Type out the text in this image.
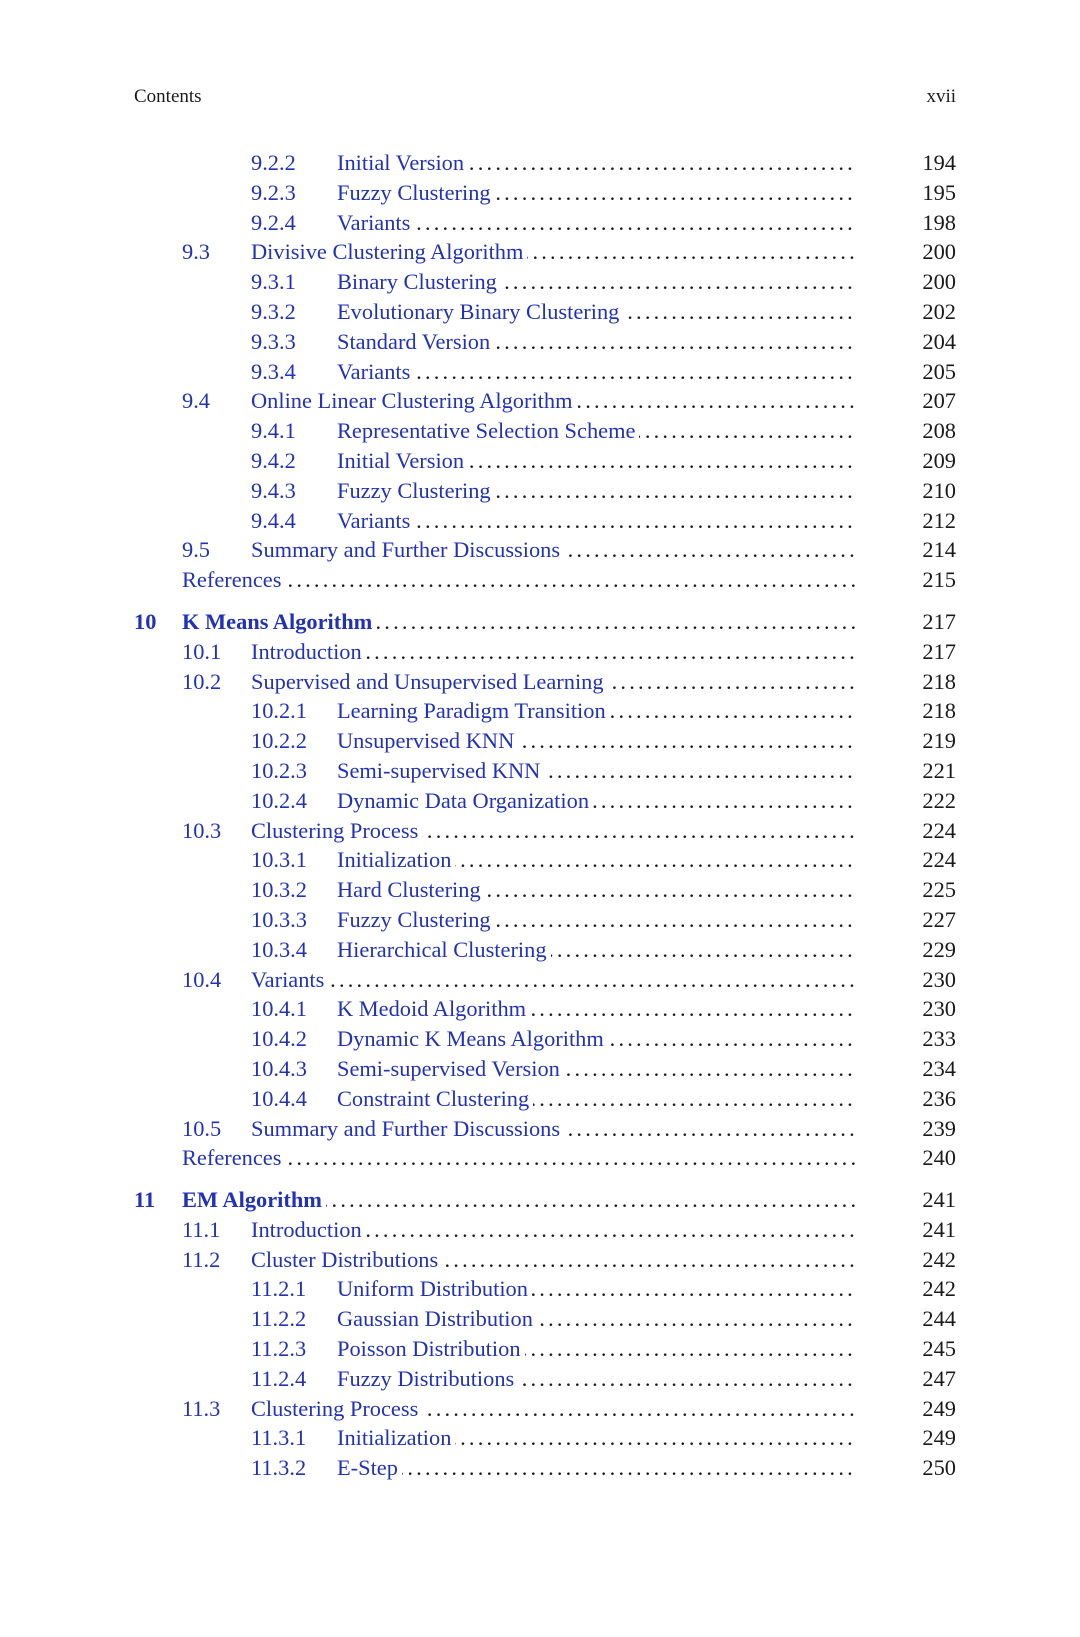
Contents	xvii
9.2.2 Initial Version . . .	194
9.2.3 Fuzzy Clustering . . .	195
9.2.4 Variants . . .	198
9.3 Divisive Clustering Algorithm . . .	200
9.3.1 Binary Clustering . . .	200
9.3.2 Evolutionary Binary Clustering . . .	202
9.3.3 Standard Version . . .	204
9.3.4 Variants . . .	205
9.4 Online Linear Clustering Algorithm . . .	207
9.4.1 Representative Selection Scheme . . .	208
9.4.2 Initial Version . . .	209
9.4.3 Fuzzy Clustering . . .	210
9.4.4 Variants . . .	212
9.5 Summary and Further Discussions . . .	214
References . . .	215
10 K Means Algorithm . . .	217
10.1 Introduction . . .	217
10.2 Supervised and Unsupervised Learning . . .	218
10.2.1 Learning Paradigm Transition . . .	218
10.2.2 Unsupervised KNN . . .	219
10.2.3 Semi-supervised KNN . . .	221
10.2.4 Dynamic Data Organization . . .	222
10.3 Clustering Process . . .	224
10.3.1 Initialization . . .	224
10.3.2 Hard Clustering . . .	225
10.3.3 Fuzzy Clustering . . .	227
10.3.4 Hierarchical Clustering . . .	229
10.4 Variants . . .	230
10.4.1 K Medoid Algorithm . . .	230
10.4.2 Dynamic K Means Algorithm . . .	233
10.4.3 Semi-supervised Version . . .	234
10.4.4 Constraint Clustering . . .	236
10.5 Summary and Further Discussions . . .	239
References . . .	240
11 EM Algorithm . . .	241
11.1 Introduction . . .	241
11.2 Cluster Distributions . . .	242
11.2.1 Uniform Distribution . . .	242
11.2.2 Gaussian Distribution . . .	244
11.2.3 Poisson Distribution . . .	245
11.2.4 Fuzzy Distributions . . .	247
11.3 Clustering Process . . .	249
11.3.1 Initialization . . .	249
11.3.2 E-Step . . .	250
